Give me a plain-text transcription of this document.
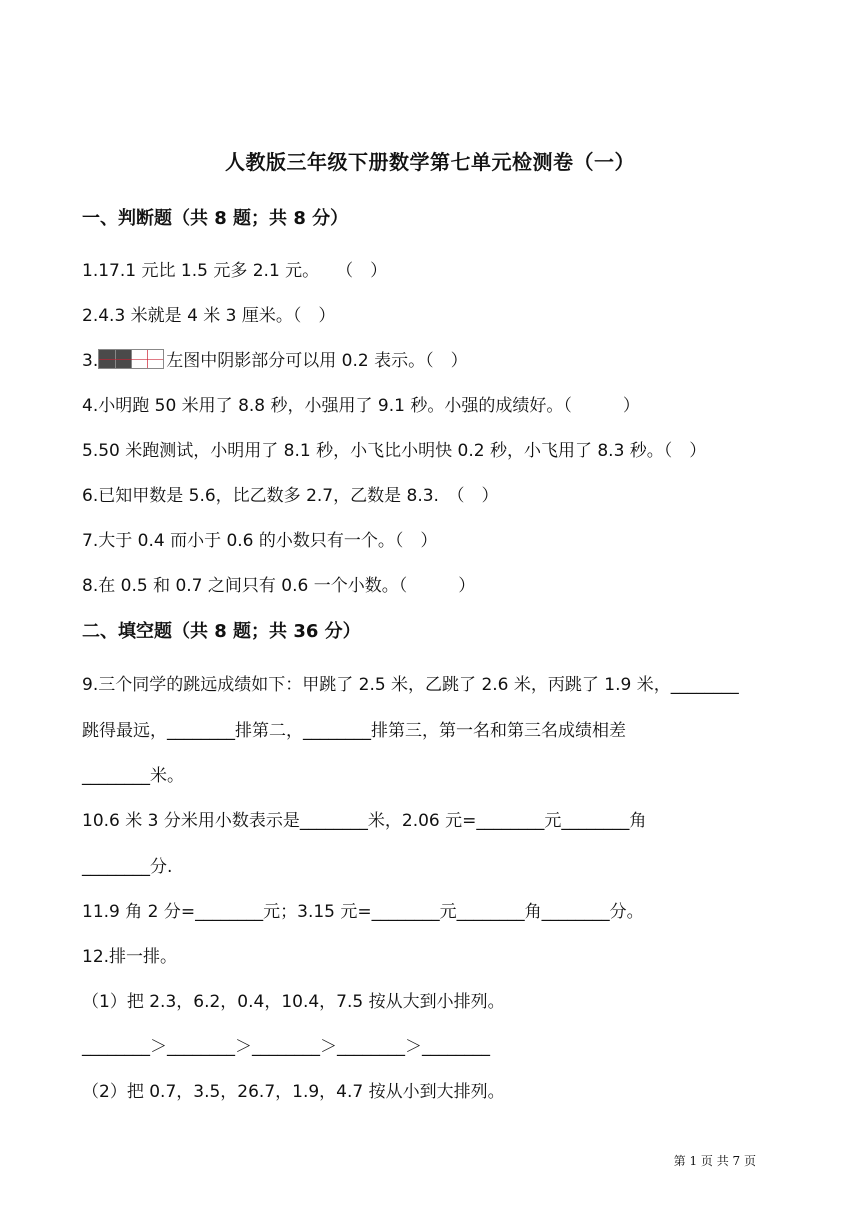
人教版三年级下册数学第七单元检测卷（一）
一、判断题（共 8 题；共 8 分）
1.17.1 元比 1.5 元多 2.1 元。　　（　）
2.4.3 米就是 4 米 3 厘米。（　）
3.	左图中阴影部分可以用 0.2 表示。（　）
4.小明跑 50 米用了 8.8 秒，小强用了 9.1 秒。小强的成绩好。（　　　）
5.50 米跑测试，小明用了 8.1 秒，小飞比小明快 0.2 秒，小飞用了 8.3 秒。（　）
6.已知甲数是 5.6，比乙数多 2.7，乙数是 8.3.　（　）
7.大于 0.4 而小于 0.6 的小数只有一个。（　）
8.在 0.5 和 0.7 之间只有 0.6 一个小数。（　　　）
二、填空题（共 8 题；共 36 分）
9.三个同学的跳远成绩如下：甲跳了 2.5 米，乙跳了 2.6 米，丙跳了 1.9 米，________
跳得最远，________排第二，________排第三，第一名和第三名成绩相差
________米。
10.6 米 3 分米用小数表示是________米，2.06 元=________元________角
________分.
11.9 角 2 分=________元；3.15 元=________元________角________分。
12.排一排。
（1）把 2.3，6.2，0.4，10.4，7.5 按从大到小排列。
________＞________＞________＞________＞________
（2）把 0.7，3.5，26.7，1.9，4.7 按从小到大排列。
第 1 页 共 7 页
